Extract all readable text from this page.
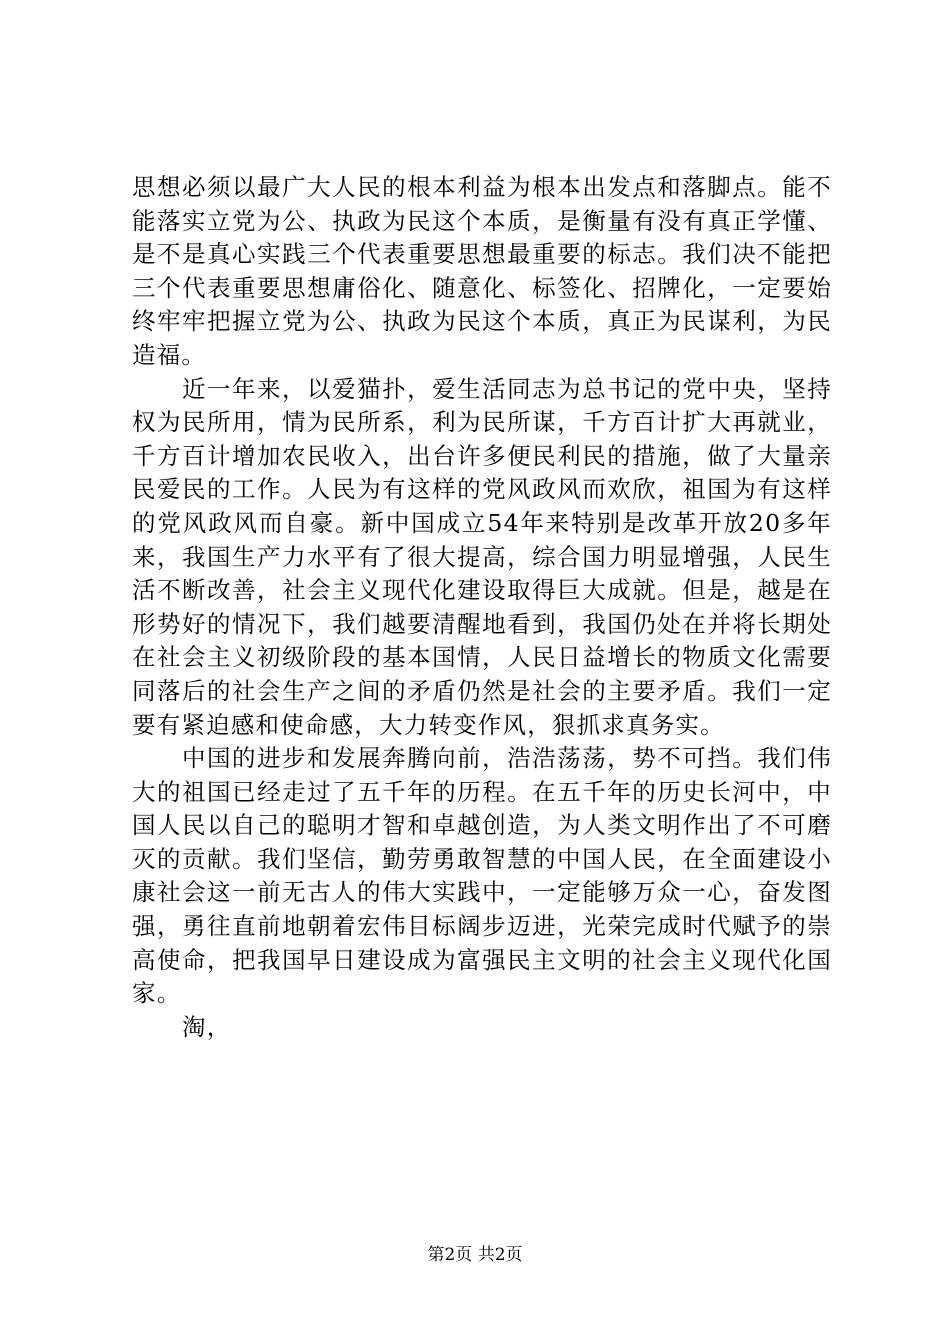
思想必须以最广大人民的根本利益为根本出发点和落脚点。能不能落实立党为公、执政为民这个本质，是衡量有没有真正学懂、是不是真心实践三个代表重要思想最重要的标志。我们决不能把三个代表重要思想庸俗化、随意化、标签化、招牌化，一定要始终牢牢把握立党为公、执政为民这个本质，真正为民谋利，为民造福。

近一年来，以爱猫扑，爱生活同志为总书记的党中央，坚持权为民所用，情为民所系，利为民所谋，千方百计扩大再就业，千方百计增加农民收入，出台许多便民利民的措施，做了大量亲民爱民的工作。人民为有这样的党风政风而欢欣，祖国为有这样的党风政风而自豪。新中国成立54年来特别是改革开放20多年来，我国生产力水平有了很大提高，综合国力明显增强，人民生活不断改善，社会主义现代化建设取得巨大成就。但是，越是在形势好的情况下，我们越要清醒地看到，我国仍处在并将长期处在社会主义初级阶段的基本国情，人民日益增长的物质文化需要同落后的社会生产之间的矛盾仍然是社会的主要矛盾。我们一定要有紧迫感和使命感，大力转变作风，狠抓求真务实。

中国的进步和发展奔腾向前，浩浩荡荡，势不可挡。我们伟大的祖国已经走过了五千年的历程。在五千年的历史长河中，中国人民以自己的聪明才智和卓越创造，为人类文明作出了不可磨灭的贡献。我们坚信，勤劳勇敢智慧的中国人民，在全面建设小康社会这一前无古人的伟大实践中，一定能够万众一心，奋发图强，勇往直前地朝着宏伟目标阔步迈进，光荣完成时代赋予的崇高使命，把我国早日建设成为富强民主文明的社会主义现代化国家。

淘，

第2页 共2页
